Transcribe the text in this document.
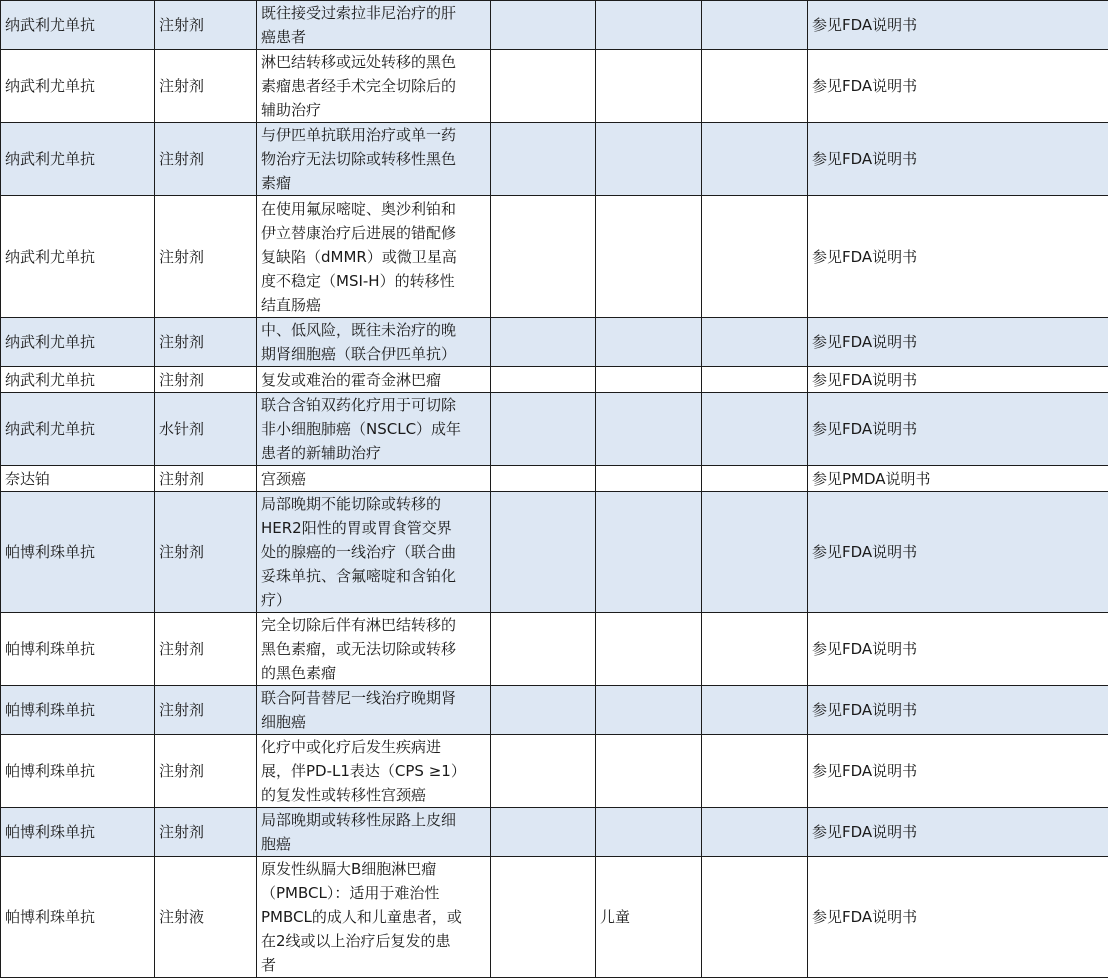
纳武利尤单抗	注射剂	既往接受过索拉非尼治疗的肝
癌患者				参见FDA说明书
纳武利尤单抗	注射剂	淋巴结转移或远处转移的黑色
素瘤患者经手术完全切除后的
辅助治疗				参见FDA说明书
纳武利尤单抗	注射剂	与伊匹单抗联用治疗或单一药
物治疗无法切除或转移性黑色
素瘤				参见FDA说明书
纳武利尤单抗	注射剂	在使用氟尿嘧啶、奥沙利铂和
伊立替康治疗后进展的错配修
复缺陷（dMMR）或微卫星高
度不稳定（MSI-H）的转移性
结直肠癌				参见FDA说明书
纳武利尤单抗	注射剂	中、低风险，既往未治疗的晚
期肾细胞癌（联合伊匹单抗）				参见FDA说明书
纳武利尤单抗	注射剂	复发或难治的霍奇金淋巴瘤				参见FDA说明书
纳武利尤单抗	水针剂	联合含铂双药化疗用于可切除
非小细胞肺癌（NSCLC）成年
患者的新辅助治疗				参见FDA说明书
奈达铂	注射剂	宫颈癌				参见PMDA说明书
帕博利珠单抗	注射剂	局部晚期不能切除或转移的
HER2阳性的胃或胃食管交界
处的腺癌的一线治疗（联合曲
妥珠单抗、含氟嘧啶和含铂化
疗）				参见FDA说明书
帕博利珠单抗	注射剂	完全切除后伴有淋巴结转移的
黑色素瘤，或无法切除或转移
的黑色素瘤				参见FDA说明书
帕博利珠单抗	注射剂	联合阿昔替尼一线治疗晚期肾
细胞癌				参见FDA说明书
帕博利珠单抗	注射剂	化疗中或化疗后发生疾病进
展，伴PD-L1表达（CPS ≥1）
的复发性或转移性宫颈癌				参见FDA说明书
帕博利珠单抗	注射剂	局部晚期或转移性尿路上皮细
胞癌				参见FDA说明书
帕博利珠单抗	注射液	原发性纵膈大B细胞淋巴瘤
（PMBCL）：适用于难治性
PMBCL的成人和儿童患者，或
在2线或以上治疗后复发的患
者		儿童		参见FDA说明书
